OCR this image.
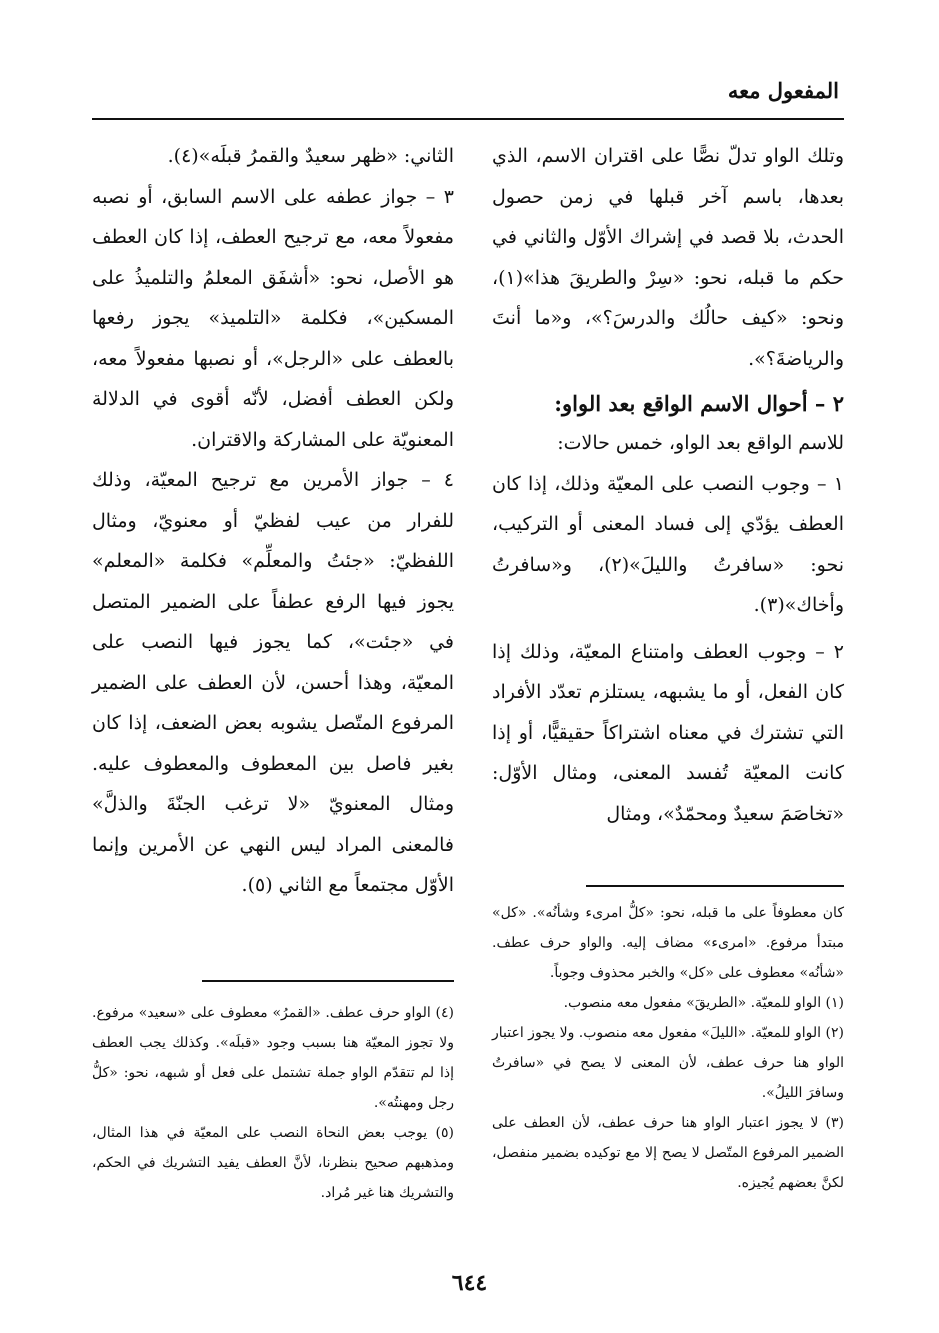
المفعول معه

وتلك الواو تدلّ نصًّا على اقتران الاسم، الذي بعدها، باسم آخر قبلها في زمن حصول الحدث، بلا قصد في إشراك الأوّل والثاني في حكم ما قبله، نحو: «سِرْ والطريقَ هذا»(١)، ونحو: «كيف حالُك والدرسَ؟»، و«ما أنتَ والرياضةَ؟».

٢ – أحوال الاسم الواقع بعد الواو:

للاسم الواقع بعد الواو، خمس حالات:

١ – وجوب النصب على المعيّة وذلك، إذا كان العطف يؤدّي إلى فساد المعنى أو التركيب، نحو: «سافرتُ والليلَ»(٢)، و«سافرتُ وأخاك»(٣).

٢ – وجوب العطف وامتناع المعيّة، وذلك إذا كان الفعل، أو ما يشبهه، يستلزم تعدّد الأفراد التي تشترك في معناه اشتراكاً حقيقيًّا، أو إذا كانت المعيّة تُفسد المعنى، ومثال الأوّل: «تخاصَمَ سعيدٌ ومحمّدٌ»، ومثال

الثاني: «ظهر سعيدٌ والقمرُ قبلَه»(٤).

٣ – جواز عطفه على الاسم السابق، أو نصبه مفعولاً معه، مع ترجيح العطف، إذا كان العطف هو الأصل، نحو: «أشفَق المعلمُ والتلميذُ على المسكين»، فكلمة «التلميذ» يجوز رفعها بالعطف على «الرجل»، أو نصبها مفعولاً معه، ولكن العطف أفضل، لأنّه أقوى في الدلالة المعنويّة على المشاركة والاقتران.

٤ – جواز الأمرين مع ترجيح المعيّة، وذلك للفرار من عيب لفظيّ أو معنويّ، ومثال اللفظيّ: «جئتُ والمعلِّم» فكلمة «المعلم» يجوز فيها الرفع عطفاً على الضمير المتصل في «جئت»، كما يجوز فيها النصب على المعيّة، وهذا أحسن، لأن العطف على الضمير المرفوع المتّصل يشوبه بعض الضعف، إذا كان بغير فاصل بين المعطوف والمعطوف عليه. ومثال المعنويّ «لا ترغب الجنّةَ والذلَّ» فالمعنى المراد ليس النهي عن الأمرين وإنما الأوّل مجتمعاً مع الثاني (٥).

كان معطوفاً على ما قبله، نحو: «كلُّ امرىء وشأنُه». «كل» مبتدأ مرفوع. «امرىء» مضاف إليه. والواو حرف عطف. «شأنُه» معطوف على «كل» والخبر محذوف وجوباً.

(١) الواو للمعيّة. «الطريقَ» مفعول معه منصوب.

(٢) الواو للمعيّة. «الليلَ» مفعول معه منصوب. ولا يجوز اعتبار الواو هنا حرف عطف، لأن المعنى لا يصح في «سافرتُ وسافرَ الليلُ».

(٣) لا يجوز اعتبار الواو هنا حرف عطف، لأن العطف على الضمير المرفوع المتّصل لا يصح إلا مع توكيده بضمير منفصل، لكنَّ بعضهم يُجيزه.

(٤) الواو حرف عطف. «القمرُ» معطوف على «سعيد» مرفوع. ولا تجوز المعيّة هنا بسبب وجود «قبلَه». وكذلك يجب العطف إذا لم تتقدّم الواو جملة تشتمل على فعل أو شبهه، نحو: «كلُّ رجل ومهنتُه».

(٥) يوجب بعض النحاة النصب على المعيّة في هذا المثال، ومذهبهم صحيح بنظرنا، لأنَّ العطف يفيد التشريك في الحكم، والتشريك هنا غير مُراد.

٦٤٤
